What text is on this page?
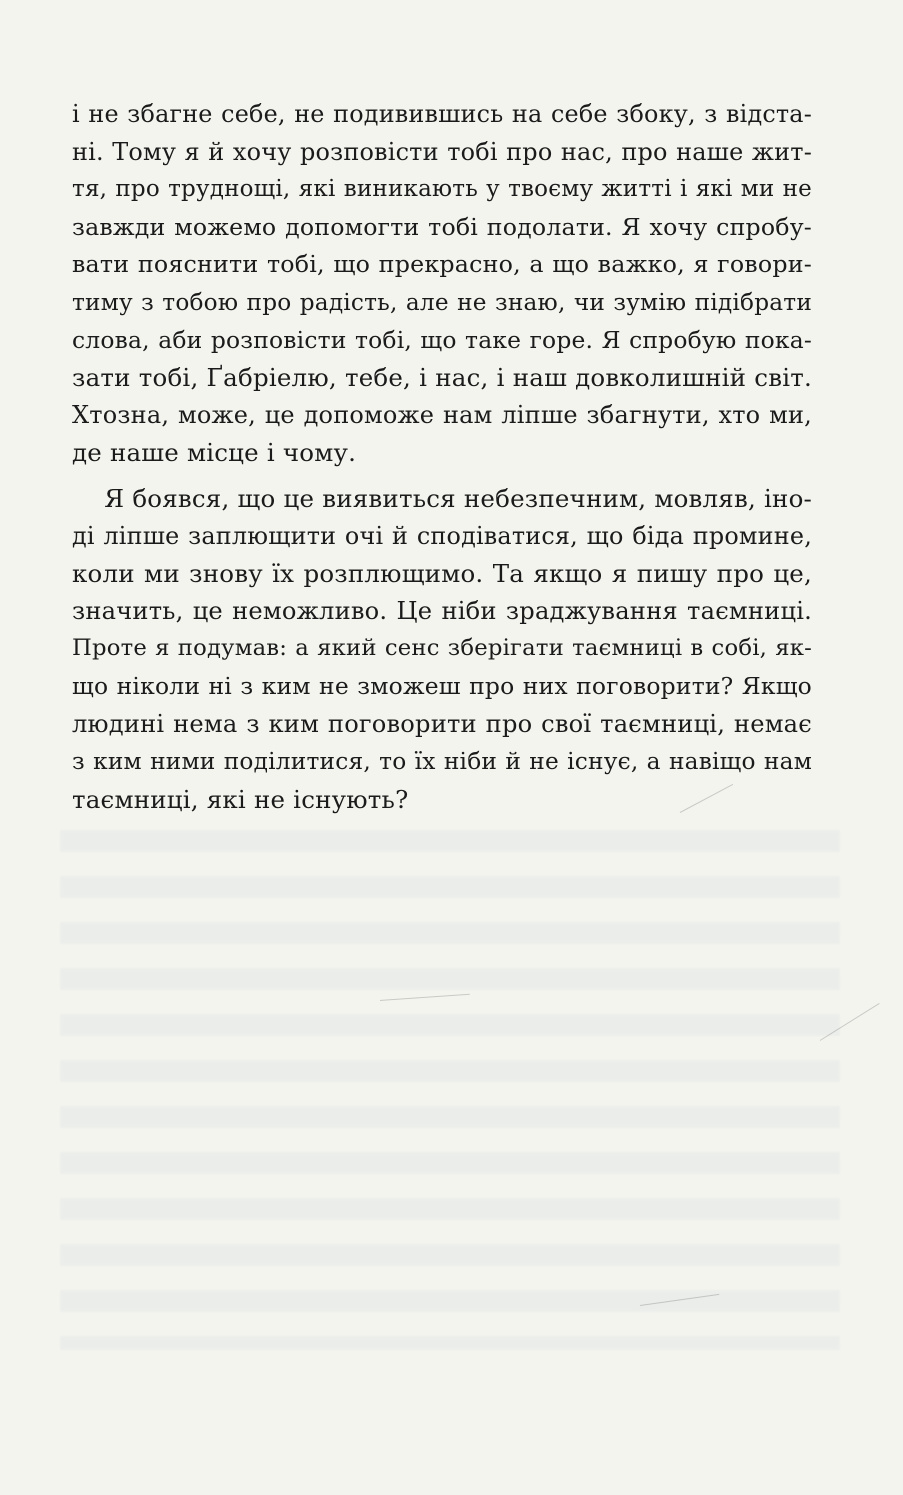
і не збагне себе, не подивившись на себе збоку, з відста-
ні. Тому я й хочу розповісти тобі про нас, про наше жит-
тя, про труднощі, які виникають у твоєму житті і які ми не
завжди можемо допомогти тобі подолати. Я хочу спробу-
вати пояснити тобі, що прекрасно, а що важко, я говори-
тиму з тобою про радість, але не знаю, чи зумію підібрати
слова, аби розповісти тобі, що таке горе. Я спробую пока-
зати тобі, Ґабріелю, тебе, і нас, і наш довколишній світ.
Хтозна, може, це допоможе нам ліпше збагнути, хто ми,
де наше місце і чому.
Я боявся, що це виявиться небезпечним, мовляв, іно-
ді ліпше заплющити очі й сподіватися, що біда промине,
коли ми знову їх розплющимо. Та якщо я пишу про це,
значить, це неможливо. Це ніби зраджування таємниці.
Проте я подумав: а який сенс зберігати таємниці в собі, як-
що ніколи ні з ким не зможеш про них поговорити? Якщо
людині нема з ким поговорити про свої таємниці, немає
з ким ними поділитися, то їх ніби й не існує, а навіщо нам
таємниці, які не існують?
